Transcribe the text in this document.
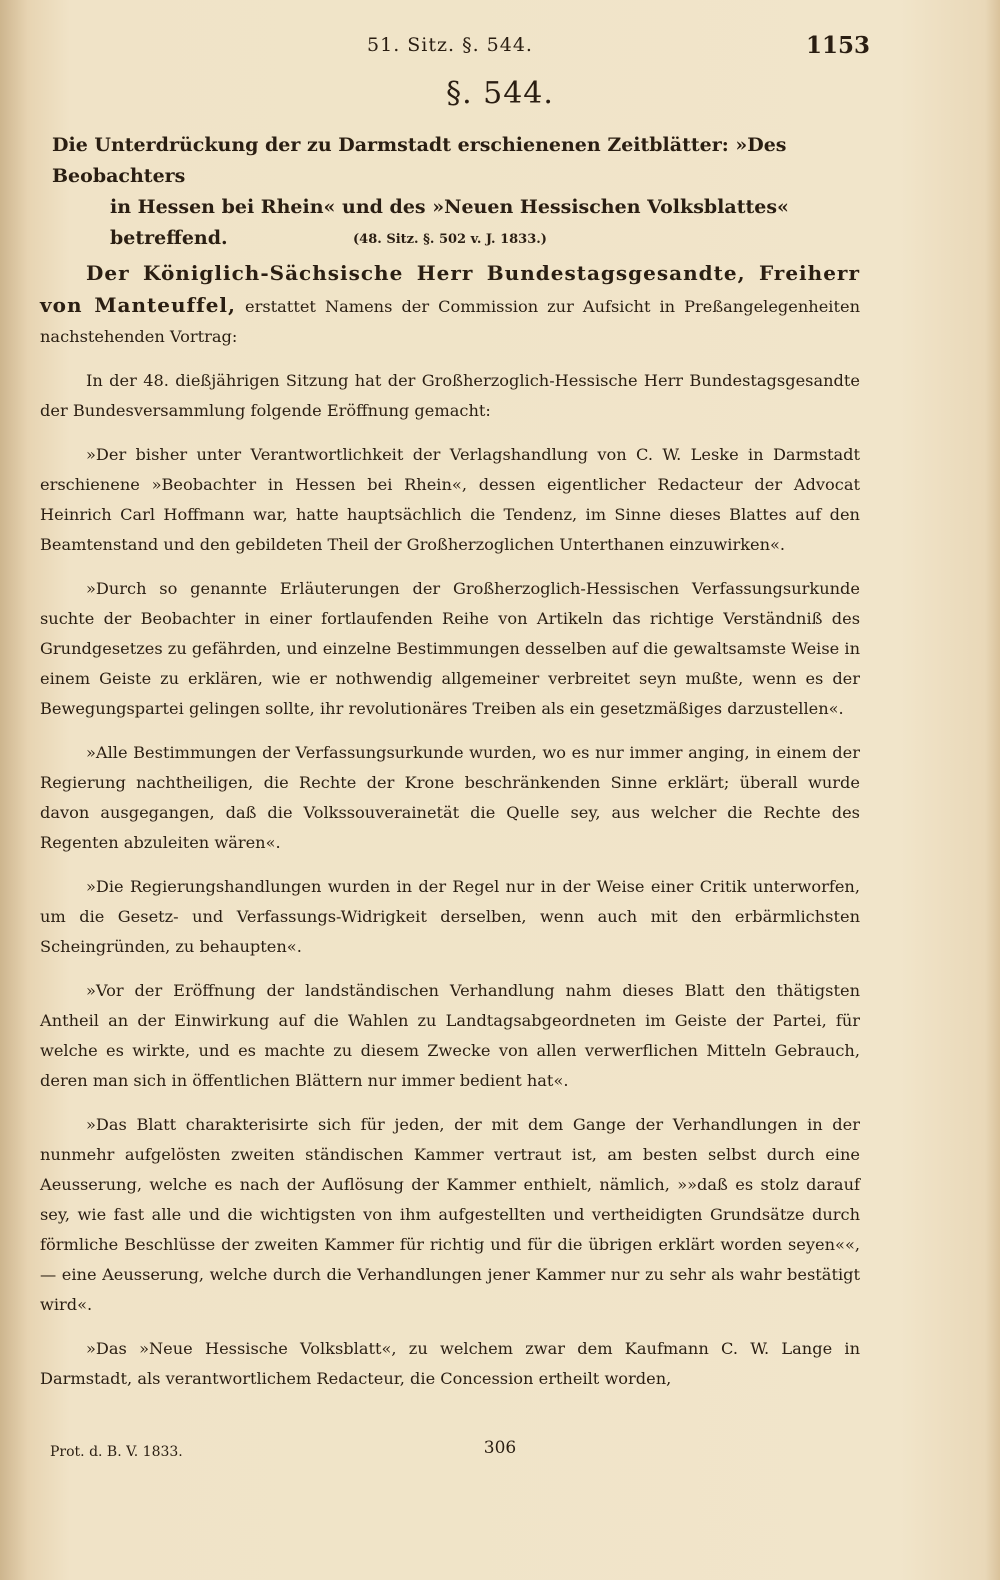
51. Sitz. §. 544.	1153
§. 544.
Die Unterdrückung der zu Darmstadt erschienenen Zeitblätter: »Des Beobachters
in Hessen bei Rhein« und des »Neuen Hessischen Volksblattes«
betreffend.	(48. Sitz. §. 502 v. J. 1833.)

Der Königlich-Sächsische Herr Bundestagsgesandte, Freiherr von Manteuffel, erstattet Namens der Commission zur Aufsicht in Preßangelegenheiten nachstehenden Vortrag:

In der 48. dießjährigen Sitzung hat der Großherzoglich-Hessische Herr Bundestagsgesandte der Bundesversammlung folgende Eröffnung gemacht:

»Der bisher unter Verantwortlichkeit der Verlagshandlung von C. W. Leske in Darmstadt erschienene »Beobachter in Hessen bei Rhein«, dessen eigentlicher Redacteur der Advocat Heinrich Carl Hoffmann war, hatte hauptsächlich die Tendenz, im Sinne dieses Blattes auf den Beamtenstand und den gebildeten Theil der Großherzoglichen Unterthanen einzuwirken«.

»Durch so genannte Erläuterungen der Großherzoglich-Hessischen Verfassungsurkunde suchte der Beobachter in einer fortlaufenden Reihe von Artikeln das richtige Verständniß des Grundgesetzes zu gefährden, und einzelne Bestimmungen desselben auf die gewaltsamste Weise in einem Geiste zu erklären, wie er nothwendig allgemeiner verbreitet seyn mußte, wenn es der Bewegungspartei gelingen sollte, ihr revolutionäres Treiben als ein gesetzmäßiges darzustellen«.

»Alle Bestimmungen der Verfassungsurkunde wurden, wo es nur immer anging, in einem der Regierung nachtheiligen, die Rechte der Krone beschränkenden Sinne erklärt; überall wurde davon ausgegangen, daß die Volkssouverainetät die Quelle sey, aus welcher die Rechte des Regenten abzuleiten wären«.

»Die Regierungshandlungen wurden in der Regel nur in der Weise einer Critik unterworfen, um die Gesetz- und Verfassungs-Widrigkeit derselben, wenn auch mit den erbärmlichsten Scheingründen, zu behaupten«.

»Vor der Eröffnung der landständischen Verhandlung nahm dieses Blatt den thätigsten Antheil an der Einwirkung auf die Wahlen zu Landtagsabgeordneten im Geiste der Partei, für welche es wirkte, und es machte zu diesem Zwecke von allen verwerflichen Mitteln Gebrauch, deren man sich in öffentlichen Blättern nur immer bedient hat«.

»Das Blatt charakterisirte sich für jeden, der mit dem Gange der Verhandlungen in der nunmehr aufgelösten zweiten ständischen Kammer vertraut ist, am besten selbst durch eine Aeusserung, welche es nach der Auflösung der Kammer enthielt, nämlich, »»daß es stolz darauf sey, wie fast alle und die wichtigsten von ihm aufgestellten und vertheidigten Grundsätze durch förmliche Beschlüsse der zweiten Kammer für richtig und für die übrigen erklärt worden seyen««, — eine Aeusserung, welche durch die Verhandlungen jener Kammer nur zu sehr als wahr bestätigt wird«.

»Das »Neue Hessische Volksblatt«, zu welchem zwar dem Kaufmann C. W. Lange in Darmstadt, als verantwortlichem Redacteur, die Concession ertheilt worden,

Prot. d. B. V. 1833.	306
